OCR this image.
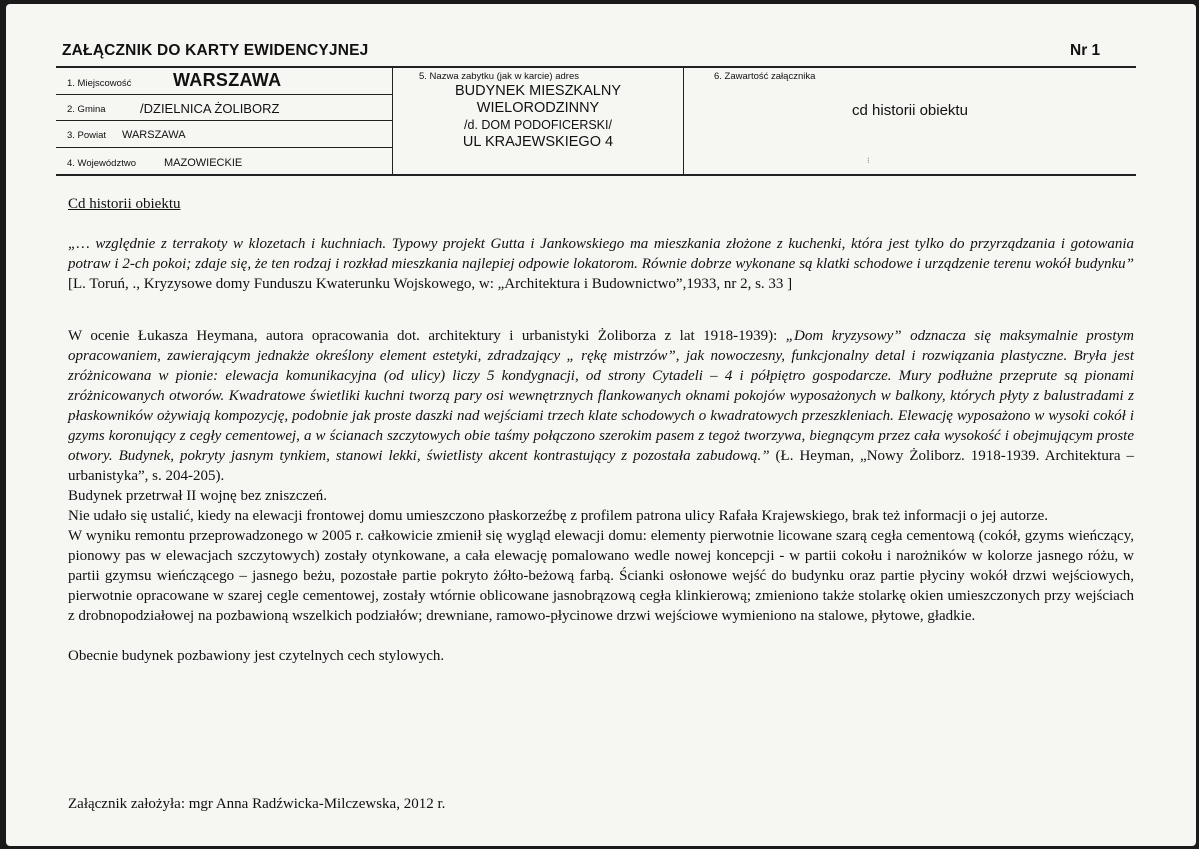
ZAŁĄCZNIK DO KARTY EWIDENCYJNEJ	Nr 1
1. Miejscowość WARSZAWA
2. Gmina	/DZIELNICA ŻOLIBORZ
3. Powiat WARSZAWA
4. Województwo	MAZOWIECKIE
5. Nazwa zabytku (jak w karcie) adres
BUDYNEK MIESZKALNY
WIELORODZINNY
/d. DOM PODOFICERSKI/
UL KRAJEWSKIEGO 4
6. Zawartość załącznika
cd historii obiektu
⁝
Cd historii obiektu

„… względnie z terrakoty w klozetach i kuchniach. Typowy projekt Gutta i Jankowskiego ma mieszkania złożone z kuchenki, która jest tylko do przyrządzania i gotowania potraw i 2-ch pokoi; zdaje się, że ten rodzaj i rozkład mieszkania najlepiej odpowie lokatorom. Równie dobrze wykonane są klatki schodowe i urządzenie terenu wokół budynku” [L. Toruń, ., Kryzysowe domy Funduszu Kwaterunku Wojskowego, w: „Architektura i Budownictwo”,1933, nr 2, s. 33 ]

W ocenie Łukasza Heymana, autora opracowania dot. architektury i urbanistyki Żoliborza z lat 1918-1939): „Dom kryzysowy” odznacza się maksymalnie prostym opracowaniem, zawierającym jednakże określony element estetyki, zdradzający „ rękę mistrzów”, jak nowoczesny, funkcjonalny detal i rozwiązania plastyczne. Bryła jest zróżnicowana w pionie: elewacja komunikacyjna (od ulicy) liczy 5 kondygnacji, od strony Cytadeli – 4 i półpiętro gospodarcze. Mury podłużne przeprute są pionami zróżnicowanych otworów. Kwadratowe świetliki kuchni tworzą pary osi wewnętrznych flankowanych oknami pokojów wyposażonych w balkony, których płyty z balustradami z płaskowników ożywiają kompozycję, podobnie jak proste daszki nad wejściami trzech klate schodowych o kwadratowych przeszkleniach. Elewację wyposażono w wysoki cokół i gzyms koronujący z cegły cementowej, a w ścianach szczytowych obie taśmy połączono szerokim pasem z tegoż tworzywa, biegnącym przez cała wysokość i obejmującym proste otwory. Budynek, pokryty jasnym tynkiem, stanowi lekki, świetlisty akcent kontrastujący z pozostała zabudową.” (Ł. Heyman, „Nowy Żoliborz. 1918-1939. Architektura – urbanistyka”, s. 204-205).

Budynek przetrwał II wojnę bez zniszczeń.

Nie udało się ustalić, kiedy na elewacji frontowej domu umieszczono płaskorzeźbę z profilem patrona ulicy Rafała Krajewskiego, brak też informacji o jej autorze.

W wyniku remontu przeprowadzonego w 2005 r. całkowicie zmienił się wygląd elewacji domu: elementy pierwotnie licowane szarą cegła cementową (cokół, gzyms wieńczący, pionowy pas w elewacjach szczytowych) zostały otynkowane, a cała elewację pomalowano wedle nowej koncepcji - w partii cokołu i narożników w kolorze jasnego różu, w partii gzymsu wieńczącego – jasnego beżu, pozostałe partie pokryto żółto-beżową farbą. Ścianki osłonowe wejść do budynku oraz partie płyciny wokół drzwi wejściowych, pierwotnie opracowane w szarej cegle cementowej, zostały wtórnie oblicowane jasnobrązową cegła klinkierową; zmieniono także stolarkę okien umieszczonych przy wejściach z drobnopodziałowej na pozbawioną wszelkich podziałów; drewniane, ramowo-płycinowe drzwi wejściowe wymieniono na stalowe, płytowe, gładkie.

Obecnie budynek pozbawiony jest czytelnych cech stylowych.

Załącznik założyła: mgr Anna Radźwicka-Milczewska, 2012 r.
